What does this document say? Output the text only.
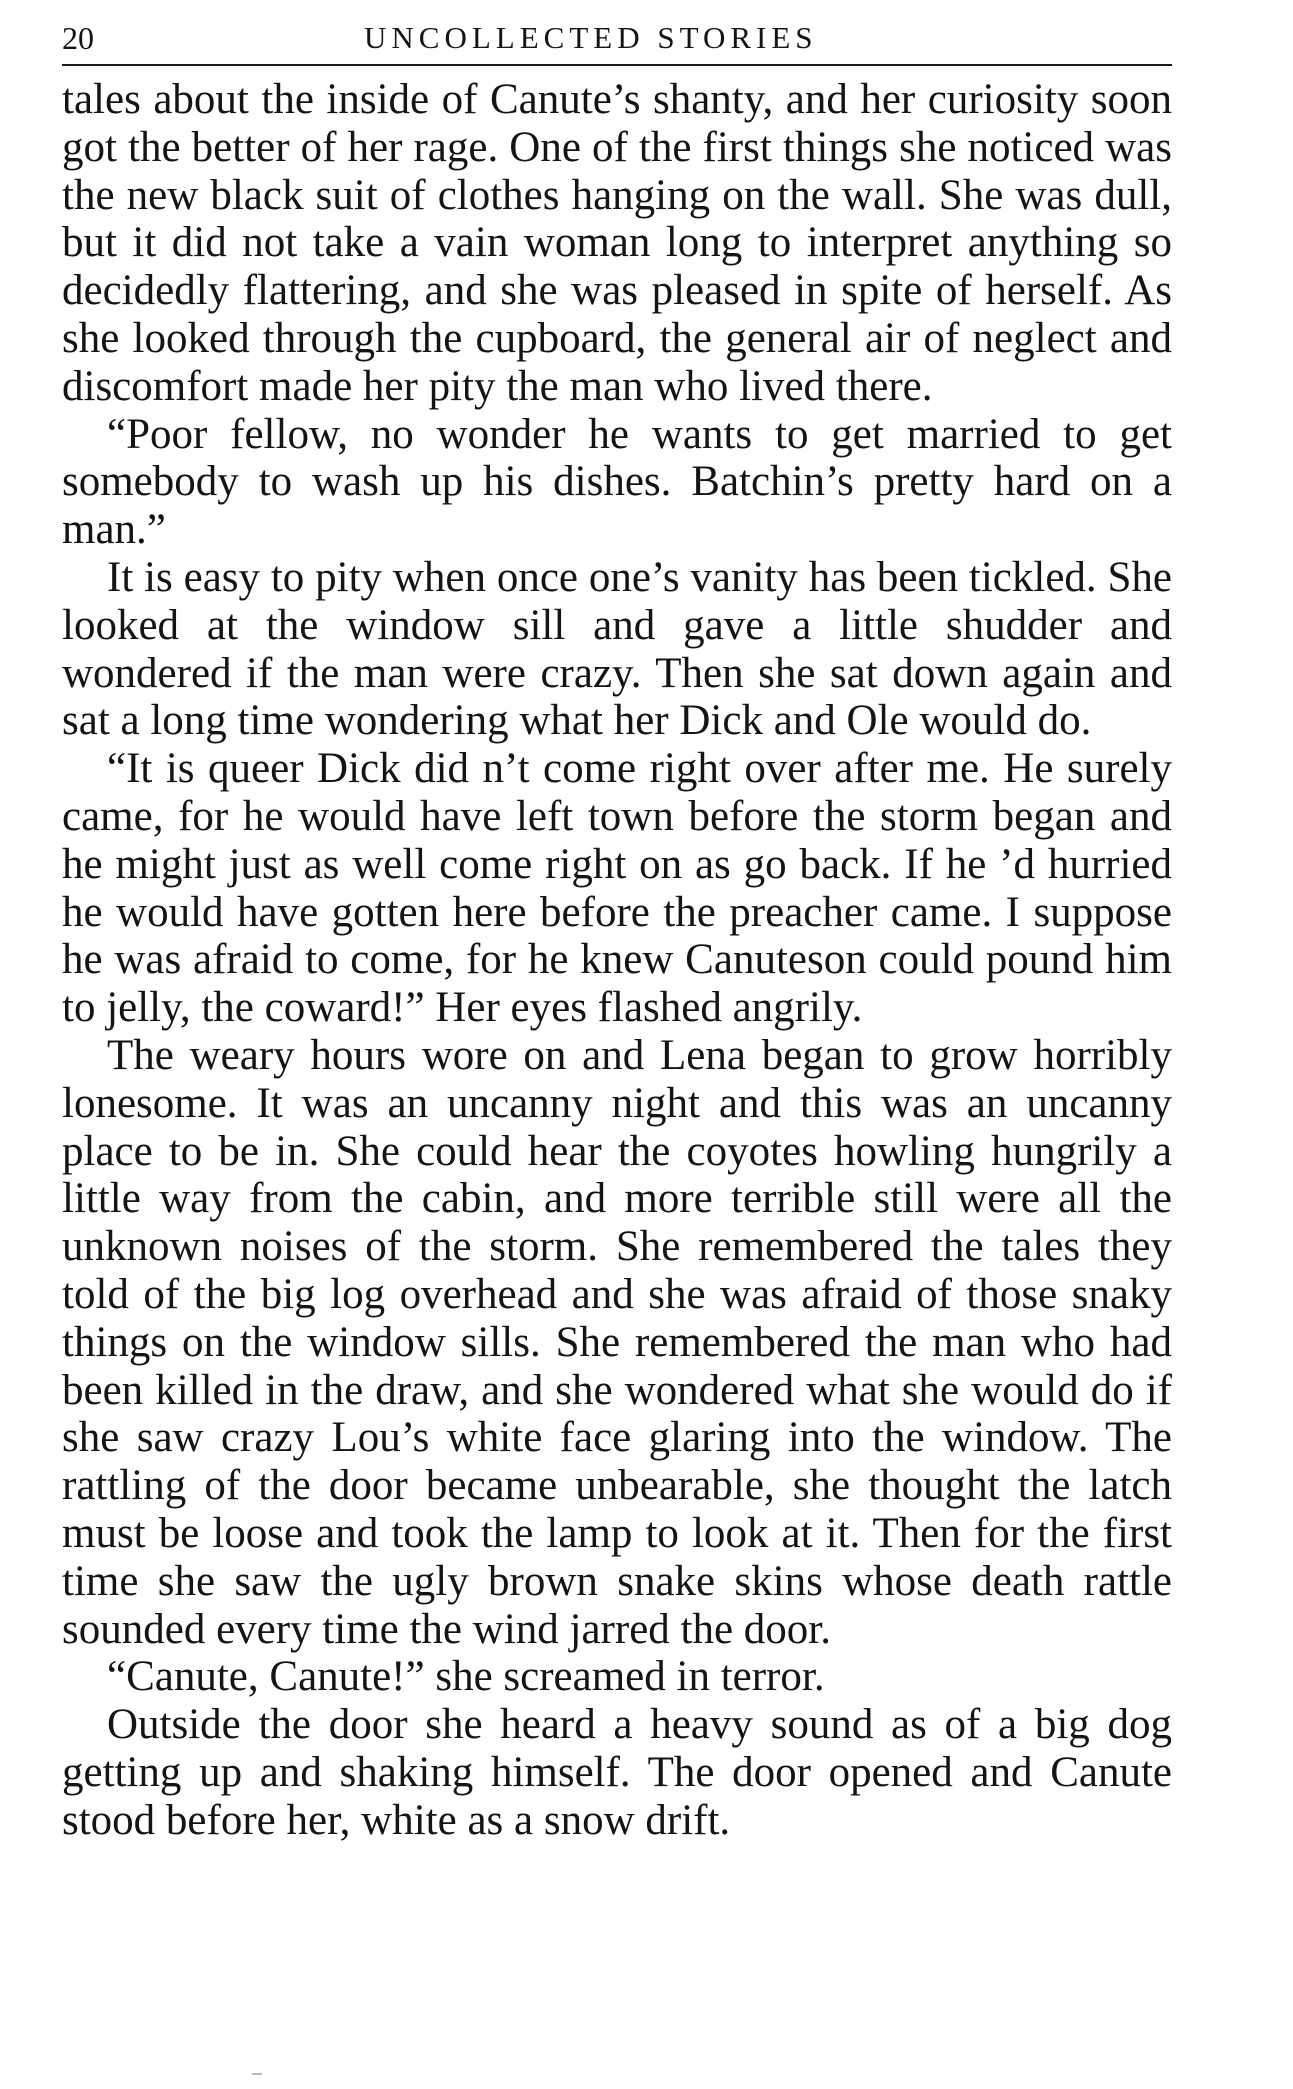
20	UNCOLLECTED STORIES

tales about the inside of Canute’s shanty, and her curiosity soon got the better of her rage. One of the first things she noticed was the new black suit of clothes hanging on the wall. She was dull, but it did not take a vain woman long to interpret anything so decidedly flattering, and she was pleased in spite of herself. As she looked through the cupboard, the general air of neglect and discomfort made her pity the man who lived there.

“Poor fellow, no wonder he wants to get married to get somebody to wash up his dishes. Batchin’s pretty hard on a man.”

It is easy to pity when once one’s vanity has been tickled. She looked at the window sill and gave a little shudder and wondered if the man were crazy. Then she sat down again and sat a long time wondering what her Dick and Ole would do.

“It is queer Dick did n’t come right over after me. He surely came, for he would have left town before the storm began and he might just as well come right on as go back. If he ’d hurried he would have gotten here before the preacher came. I suppose he was afraid to come, for he knew Canuteson could pound him to jelly, the coward!” Her eyes flashed angrily.

The weary hours wore on and Lena began to grow horribly lonesome. It was an uncanny night and this was an uncanny place to be in. She could hear the coyotes howling hungrily a little way from the cabin, and more terrible still were all the unknown noises of the storm. She remembered the tales they told of the big log overhead and she was afraid of those snaky things on the window sills. She remembered the man who had been killed in the draw, and she wondered what she would do if she saw crazy Lou’s white face glaring into the window. The rattling of the door became unbearable, she thought the latch must be loose and took the lamp to look at it. Then for the first time she saw the ugly brown snake skins whose death rattle sounded every time the wind jarred the door.

“Canute, Canute!” she screamed in terror.

Outside the door she heard a heavy sound as of a big dog getting up and shaking himself. The door opened and Canute stood before her, white as a snow drift.
